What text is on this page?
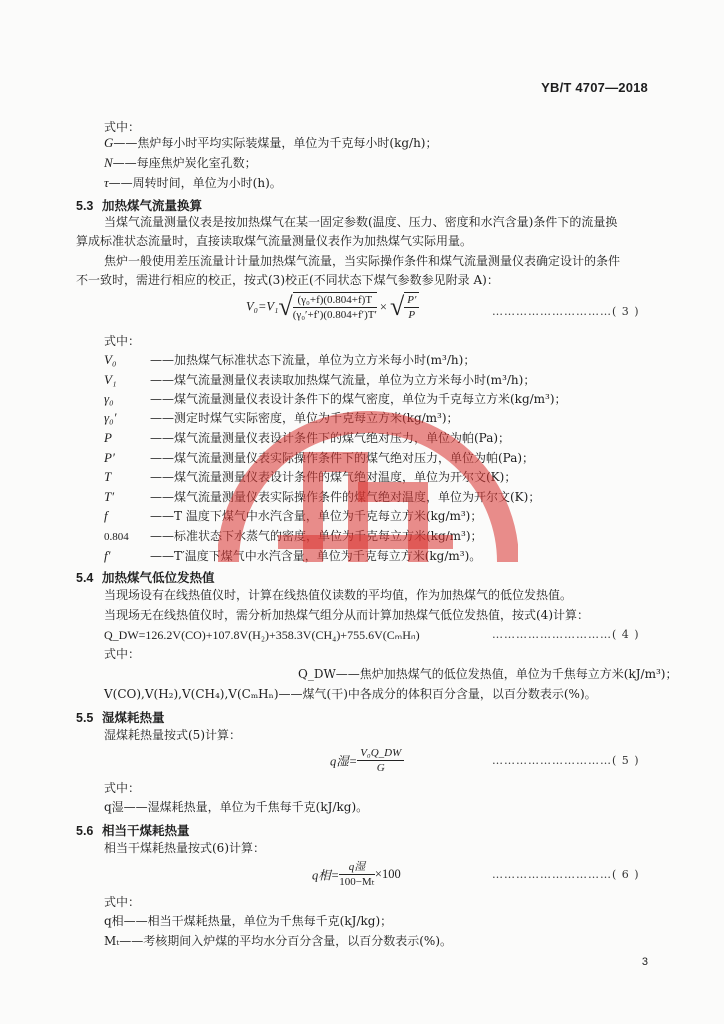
YB/T 4707—2018
式中：
G——焦炉每小时平均实际装煤量，单位为千克每小时(kg/h)；
N——每座焦炉炭化室孔数；
τ——周转时间，单位为小时(h)。
5.3 加热煤气流量换算
当煤气流量测量仪表是按加热煤气在某一固定参数(温度、压力、密度和水汽含量)条件下的流量换
算成标准状态流量时，直接读取煤气流量测量仪表作为加热煤气实际用量。
焦炉一般使用差压流量计计量加热煤气流量，当实际操作条件和煤气流量测量仪表确定设计的条件
不一致时，需进行相应的校正，按式(3)校正(不同状态下煤气参数参见附录 A)：
$V_0=V_1√ \frac{\text{(γ₀+f)(0.804+f)T}}{\text{(γ₀′+f′)(0.804+f′)T′}}$ × √ $\frac{P'}{P}$	…………………………( 3 )
式中：
V₀	——加热煤气标准状态下流量，单位为立方米每小时(m³/h)；
V₁	——煤气流量测量仪表读取加热煤气流量，单位为立方米每小时(m³/h)；
γ₀	——煤气流量测量仪表设计条件下的煤气密度，单位为千克每立方米(kg/m³)；
γ₀′	——测定时煤气实际密度，单位为千克每立方米(kg/m³)；
P	——煤气流量测量仪表设计条件下的煤气绝对压力，单位为帕(Pa)；
P′	——煤气流量测量仪表实际操作条件下的煤气绝对压力，单位为帕(Pa)；
T	——煤气流量测量仪表设计条件的煤气绝对温度，单位为开尔文(K)；
T′	——煤气流量测量仪表实际操作条件的煤气绝对温度，单位为开尔文(K)；
f	——T 温度下煤气中水汽含量，单位为千克每立方米(kg/m³)；
0.804 ——标准状态下水蒸气的密度，单位为千克每立方米(kg/m³)；
f′	——T′温度下煤气中水汽含量，单位为千克每立方米(kg/m³)。
5.4 加热煤气低位发热值
当现场设有在线热值仪时，计算在线热值仪读数的平均值，作为加热煤气的低位发热值。
当现场无在线热值仪时，需分析加热煤气组分从而计算加热煤气低位发热值，按式(4)计算：
Q_DW=126.2V(CO)+107.8V(H₂)+358.3V(CH₄)+755.6V(CₘHₙ)	…………………………( 4 )
式中：
Q_DW——焦炉加热煤气的低位发热值，单位为千焦每立方米(kJ/m³)；
V(CO),V(H₂),V(CH₄),V(CₘHₙ)——煤气(干)中各成分的体积百分含量，以百分数表示(%)。
5.5 湿煤耗热量
湿煤耗热量按式(5)计算：
q湿= $\frac{\text{V₀Q\_DW}}{G}$	…………………………( 5 )
式中：
q湿——湿煤耗热量，单位为千焦每千克(kJ/kg)。
5.6 相当干煤耗热量
相当干煤耗热量按式(6)计算：
q相= $\frac{\text{q湿}}{\text{100−Mₜ}} \times 100$	…………………………( 6 )
式中：
q相——相当干煤耗热量，单位为千焦每千克(kJ/kg)；
Mₜ——考核期间入炉煤的平均水分百分含量，以百分数表示(%)。
3
